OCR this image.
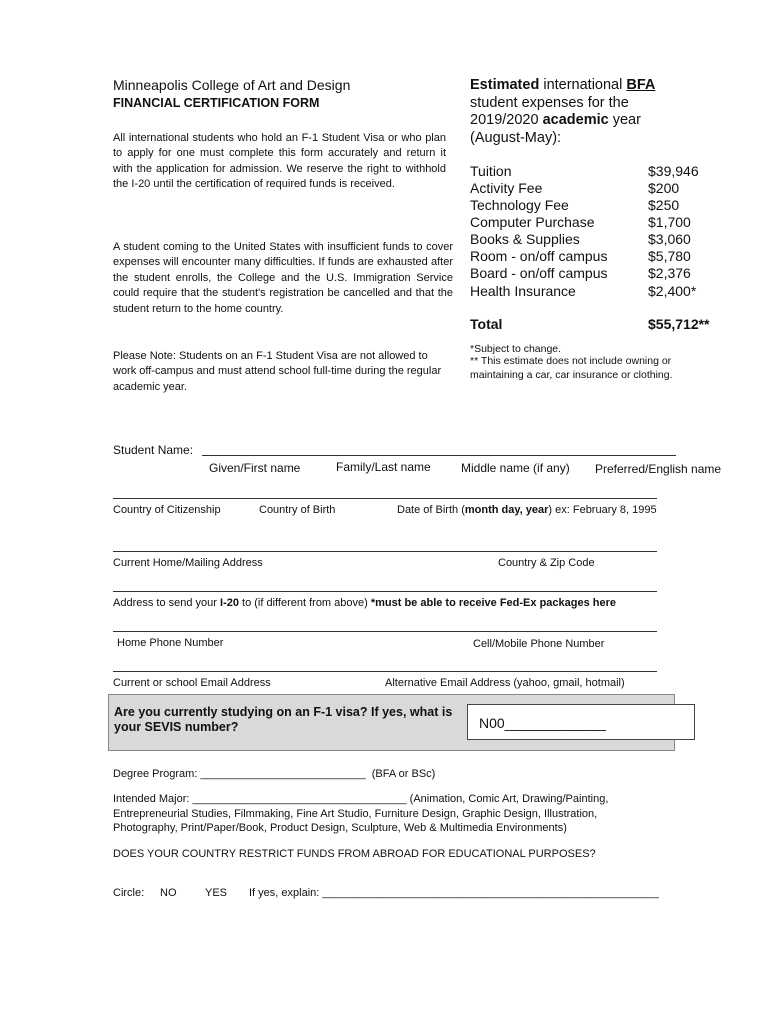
Minneapolis College of Art and Design
FINANCIAL CERTIFICATION FORM
All international students who hold an F-1 Student Visa or who plan to apply for one must complete this form accurately and return it with the application for admission. We reserve the right to withhold the I-20 until the certification of required funds is received.
A student coming to the United States with insufficient funds to cover expenses will encounter many difficulties. If funds are exhausted after the student enrolls, the College and the U.S. Immigration Service could require that the student's registration be cancelled and that the student return to the home country.
Please Note: Students on an F-1 Student Visa are not allowed to work off-campus and must attend school full-time during the regular academic year.
Estimated international BFA
student expenses for the
2019/2020 academic year
(August-May):
Tuition	$39,946
Activity Fee	$200
Technology Fee	$250
Computer Purchase	$1,700
Books & Supplies	$3,060
Room - on/off campus	$5,780
Board - on/off campus	$2,376
Health Insurance	$2,400*
Total	$55,712**
*Subject to change.
** This estimate does not include owning or maintaining a car, car insurance or clothing.
Student Name:
Given/First name	Family/Last name	Middle name (if any) Preferred/English name
Country of Citizenship	Country of Birth	Date of Birth (month day, year) ex: February 8, 1995
Current Home/Mailing Address	Country & Zip Code
Address to send your I-20 to (if different from above) *must be able to receive Fed-Ex packages here
Home Phone Number	Cell/Mobile Phone Number
Current or school Email Address	Alternative Email Address (yahoo, gmail, hotmail)
Are you currently studying on an F-1 visa? If yes, what is your SEVIS number?	N00_____________
Degree Program: ___________________________ (BFA or BSc)
Intended Major: ___________________________________ (Animation, Comic Art, Drawing/Painting, Entrepreneurial Studies, Filmmaking, Fine Art Studio, Furniture Design, Graphic Design, Illustration, Photography, Print/Paper/Book, Product Design, Sculpture, Web & Multimedia Environments)
DOES YOUR COUNTRY RESTRICT FUNDS FROM ABROAD FOR EDUCATIONAL PURPOSES?
Circle: NO	YES If yes, explain: _______________________________________________________
